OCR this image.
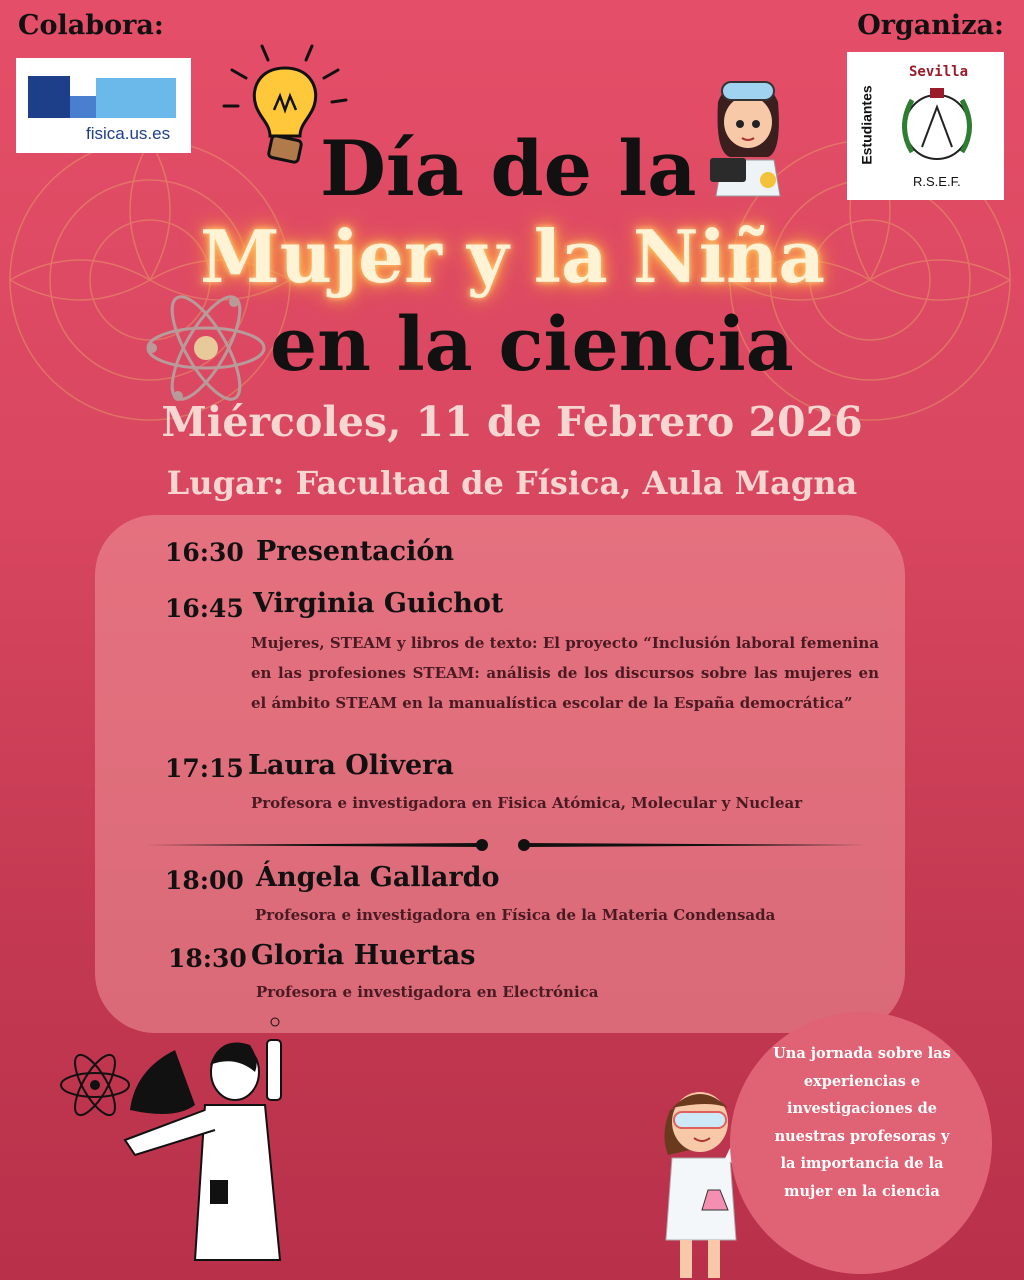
Colabora:	Organiza:
fisica.us.es
Sevilla
Estudiantes
R.S.E.F.
Día de la
Mujer y la Niña
en la ciencia
Miércoles, 11 de Febrero 2026
Lugar: Facultad de Física, Aula Magna
16:30 Presentación
16:45 Virginia Guichot
Mujeres, STEAM y libros de texto: El proyecto “Inclusión laboral femenina en las profesiones STEAM: análisis de los discursos sobre las mujeres en el ámbito STEAM en la manualística escolar de la España democrática”
17:15 Laura Olivera
Profesora e investigadora en Fisica Atómica, Molecular y Nuclear
18:00 Ángela Gallardo
Profesora e investigadora en Física de la Materia Condensada
18:30 Gloria Huertas
Profesora e investigadora en Electrónica
Una jornada sobre las experiencias e investigaciones de nuestras profesoras y la importancia de la mujer en la ciencia
